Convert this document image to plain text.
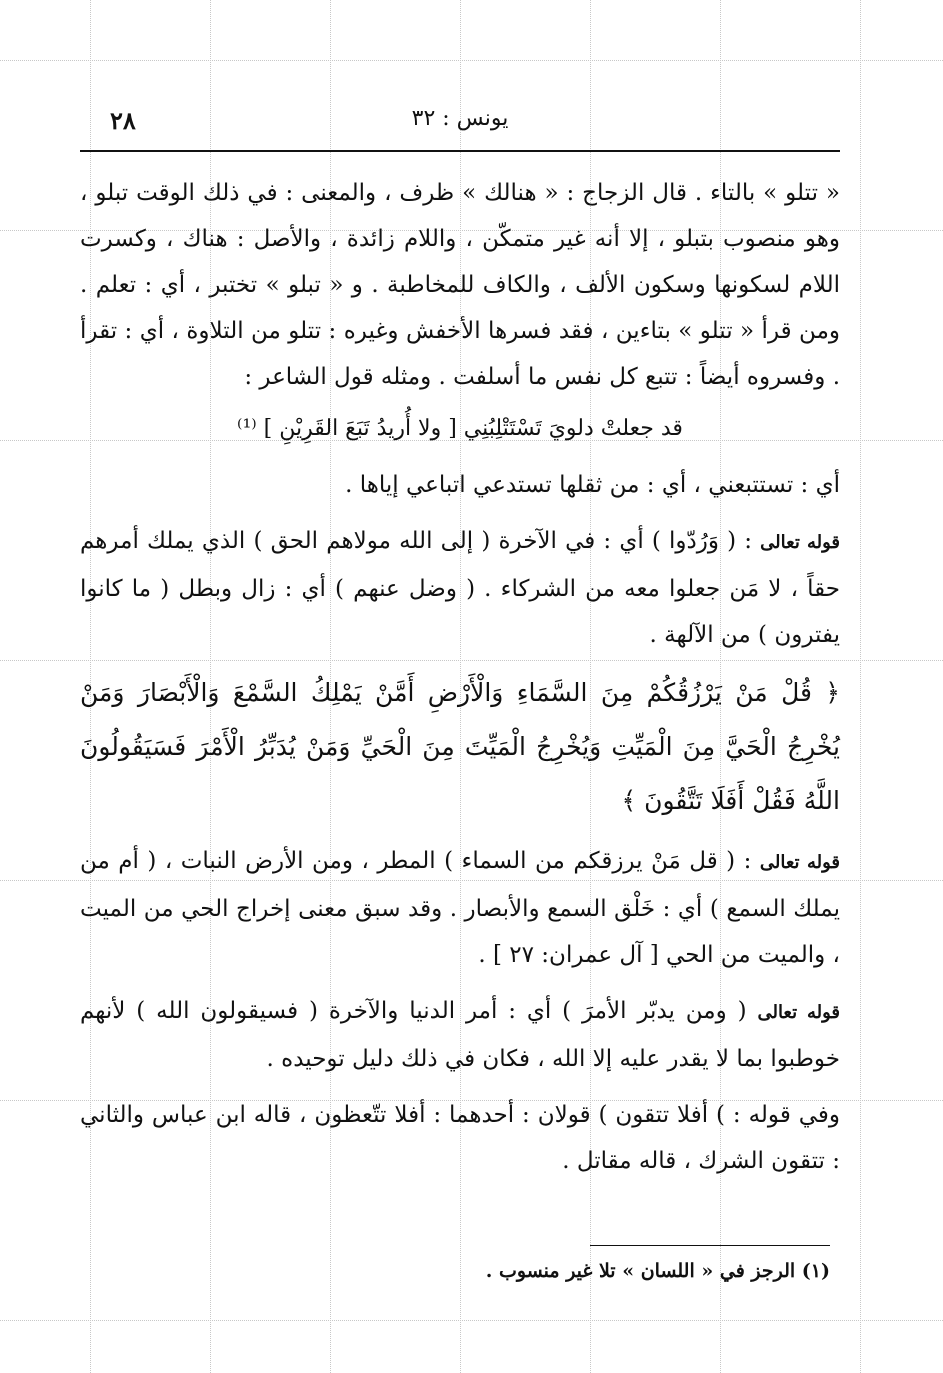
٢٨	يونس : ٣٢

« تتلو » بالتاء . قال الزجاج : « هنالك » ظرف ، والمعنى : في ذلك الوقت تبلو ، وهو منصوب بتبلو ، إلا أنه غير متمكّن ، واللام زائدة ، والأصل : هناك ، وكسرت اللام لسكونها وسكون الألف ، والكاف للمخاطبة . و « تبلو » تختبر ، أي : تعلم . ومن قرأ « تتلو » بتاءين ، فقد فسرها الأخفش وغيره : تتلو من التلاوة ، أي : تقرأ . وفسروه أيضاً : تتبع كل نفس ما أسلفت . ومثله قول الشاعر :

قد جعلتْ دلويَ تَسْتَتْلِبُنِي [ ولا أُريدُ تَبَعَ القَرِيْنِ ] ⁽¹⁾

أي : تستتبعني ، أي : من ثقلها تستدعي اتباعي إياها .

قوله تعالى : ( وَرُدّوا ) أي : في الآخرة ( إلى الله مولاهم الحق ) الذي يملك أمرهم حقاً ، لا مَن جعلوا معه من الشركاء . ( وضل عنهم ) أي : زال وبطل ( ما كانوا يفترون ) من الآلهة .

﴿ قُلْ مَنْ يَرْزُقُكُمْ مِنَ السَّمَاءِ وَالْأَرْضِ أَمَّنْ يَمْلِكُ السَّمْعَ وَالْأَبْصَارَ وَمَنْ يُخْرِجُ الْحَيَّ مِنَ الْمَيِّتِ وَيُخْرِجُ الْمَيِّتَ مِنَ الْحَيِّ وَمَنْ يُدَبِّرُ الْأَمْرَ فَسَيَقُولُونَ اللَّهُ فَقُلْ أَفَلَا تَتَّقُونَ ﴾

قوله تعالى : ( قل مَنْ يرزقكم من السماء ) المطر ، ومن الأرض النبات ، ( أم من يملك السمع ) أي : خَلْق السمع والأبصار . وقد سبق معنى إخراج الحي من الميت ، والميت من الحي [ آل عمران: ٢٧ ] .

قوله تعالى ( ومن يدبّر الأمرَ ) أي : أمر الدنيا والآخرة ( فسيقولون الله ) لأنهم خوطبوا بما لا يقدر عليه إلا الله ، فكان في ذلك دليل توحيده .

وفي قوله : ) أفلا تتقون ) قولان : أحدهما : أفلا تتّعظون ، قاله ابن عباس والثاني : تتقون الشرك ، قاله مقاتل .

(١) الرجز في « اللسان » تلا غير منسوب .
